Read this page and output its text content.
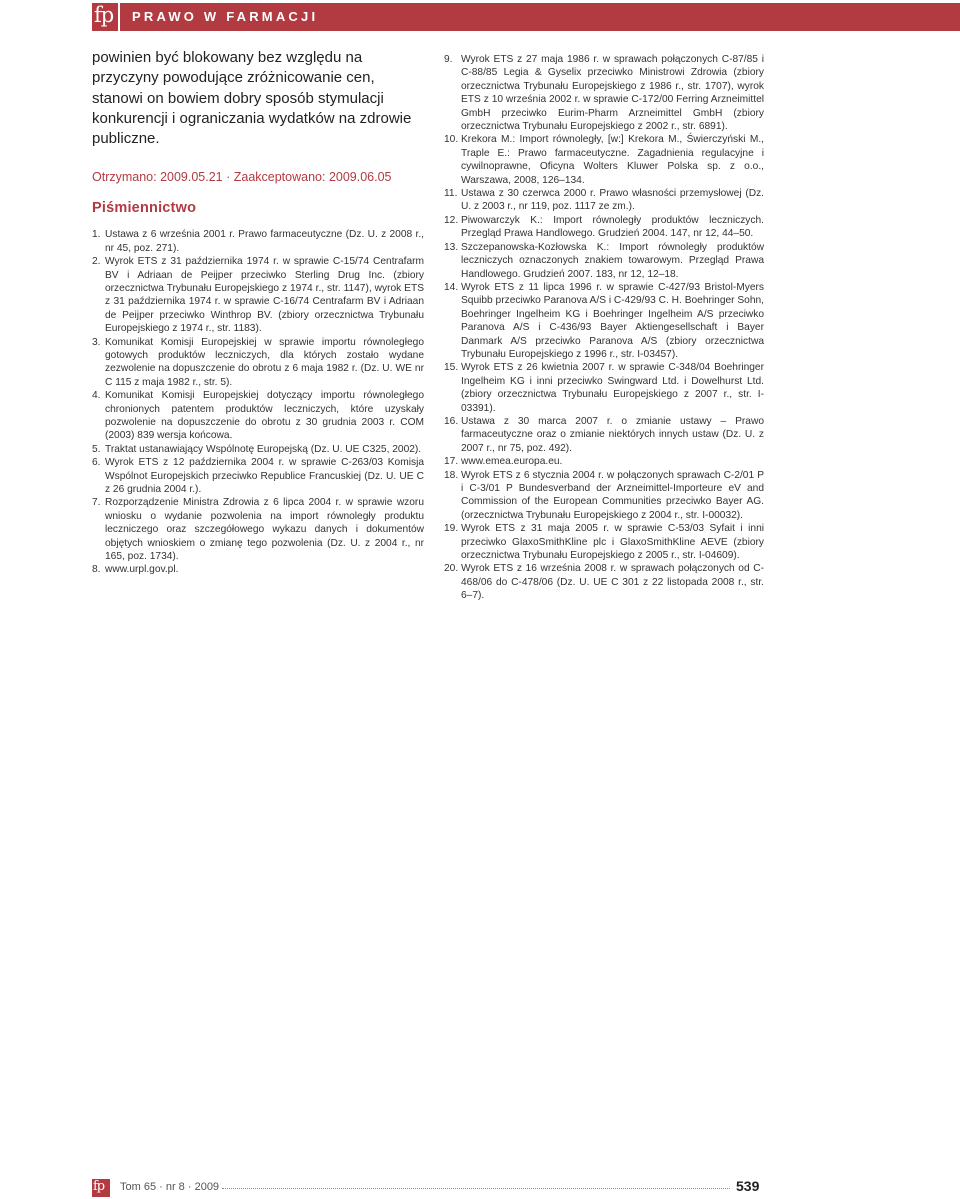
fp PRAWO W FARMACJI

powinien być blokowany bez względu na przyczyny powodujące zróżnicowanie cen, stanowi on bowiem dobry sposób stymulacji konkurencji i ograniczania wydatków na zdrowie publiczne.

Otrzymano: 2009.05.21 · Zaakceptowano: 2009.06.05

Piśmiennictwo
1. Ustawa z 6 września 2001 r. Prawo farmaceutyczne (Dz. U. z 2008 r., nr 45, poz. 271).
2. Wyrok ETS z 31 października 1974 r. w sprawie C-15/74 Centrafarm BV i Adriaan de Peijper przeciwko Sterling Drug Inc. (zbiory orzecznictwa Trybunału Europejskiego z 1974 r., str. 1147), wyrok ETS z 31 października 1974 r. w sprawie C-16/74 Centrafarm BV i Adriaan de Peijper przeciwko Winthrop BV. (zbiory orzecznictwa Trybunału Europejskiego z 1974 r., str. 1183).
3. Komunikat Komisji Europejskiej w sprawie importu równoległego gotowych produktów leczniczych, dla których zostało wydane zezwolenie na dopuszczenie do obrotu z 6 maja 1982 r. (Dz. U. WE nr C 115 z maja 1982 r., str. 5).
4. Komunikat Komisji Europejskiej dotyczący importu równoległego chronionych patentem produktów leczniczych, które uzyskały pozwolenie na dopuszczenie do obrotu z 30 grudnia 2003 r. COM (2003) 839 wersja końcowa.
5. Traktat ustanawiający Wspólnotę Europejską (Dz. U. UE C325, 2002).
6. Wyrok ETS z 12 października 2004 r. w sprawie C-263/03 Komisja Wspólnot Europejskich przeciwko Republice Francuskiej (Dz. U. UE C z 26 grudnia 2004 r.).
7. Rozporządzenie Ministra Zdrowia z 6 lipca 2004 r. w sprawie wzoru wniosku o wydanie pozwolenia na import równoległy produktu leczniczego oraz szczegółowego wykazu danych i dokumentów objętych wnioskiem o zmianę tego pozwolenia (Dz. U. z 2004 r., nr 165, poz. 1734).
8. www.urpl.gov.pl.
9. Wyrok ETS z 27 maja 1986 r. w sprawach połączonych C-87/85 i C-88/85 Legia & Gyselix przeciwko Ministrowi Zdrowia (zbiory orzecznictwa Trybunału Europejskiego z 1986 r., str. 1707), wyrok ETS z 10 września 2002 r. w sprawie C-172/00 Ferring Arzneimittel GmbH przeciwko Eurim-Pharm Arzneimittel GmbH (zbiory orzecznictwa Trybunału Europejskiego z 2002 r., str. 6891).
10. Krekora M.: Import równoległy, [w:] Krekora M., Świerczyński M., Traple E.: Prawo farmaceutyczne. Zagadnienia regulacyjne i cywilnoprawne, Oficyna Wolters Kluwer Polska sp. z o.o., Warszawa, 2008, 126–134.
11. Ustawa z 30 czerwca 2000 r. Prawo własności przemysłowej (Dz. U. z 2003 r., nr 119, poz. 1117 ze zm.).
12. Piwowarczyk K.: Import równoległy produktów leczniczych. Przegląd Prawa Handlowego. Grudzień 2004. 147, nr 12, 44–50.
13. Szczepanowska-Kozłowska K.: Import równoległy produktów leczniczych oznaczonych znakiem towarowym. Przegląd Prawa Handlowego. Grudzień 2007. 183, nr 12, 12–18.
14. Wyrok ETS z 11 lipca 1996 r. w sprawie C-427/93 Bristol-Myers Squibb przeciwko Paranova A/S i C-429/93 C. H. Boehringer Sohn, Boehringer Ingelheim KG i Boehringer Ingelheim A/S przeciwko Paranova A/S i C-436/93 Bayer Aktiengesellschaft i Bayer Danmark A/S przeciwko Paranova A/S (zbiory orzecznictwa Trybunału Europejskiego z 1996 r., str. I-03457).
15. Wyrok ETS z 26 kwietnia 2007 r. w sprawie C-348/04 Boehringer Ingelheim KG i inni przeciwko Swingward Ltd. i Dowelhurst Ltd. (zbiory orzecznictwa Trybunału Europejskiego z 2007 r., str. I-03391).
16. Ustawa z 30 marca 2007 r. o zmianie ustawy – Prawo farmaceutyczne oraz o zmianie niektórych innych ustaw (Dz. U. z 2007 r., nr 75, poz. 492).
17. www.emea.europa.eu.
18. Wyrok ETS z 6 stycznia 2004 r. w połączonych sprawach C-2/01 P i C-3/01 P Bundesverband der Arzneimittel-Importeure eV and Commission of the European Communities przeciwko Bayer AG. (orzecznictwa Trybunału Europejskiego z 2004 r., str. I-00032).
19. Wyrok ETS z 31 maja 2005 r. w sprawie C-53/03 Syfait i inni przeciwko GlaxoSmithKline plc i GlaxoSmithKline AEVE (zbiory orzecznictwa Trybunału Europejskiego z 2005 r., str. I-04609).
20. Wyrok ETS z 16 września 2008 r. w sprawach połączonych od C-468/06 do C-478/06 (Dz. U. UE C 301 z 22 listopada 2008 r., str. 6–7).
fp Tom 65 · nr 8 · 2009	539
